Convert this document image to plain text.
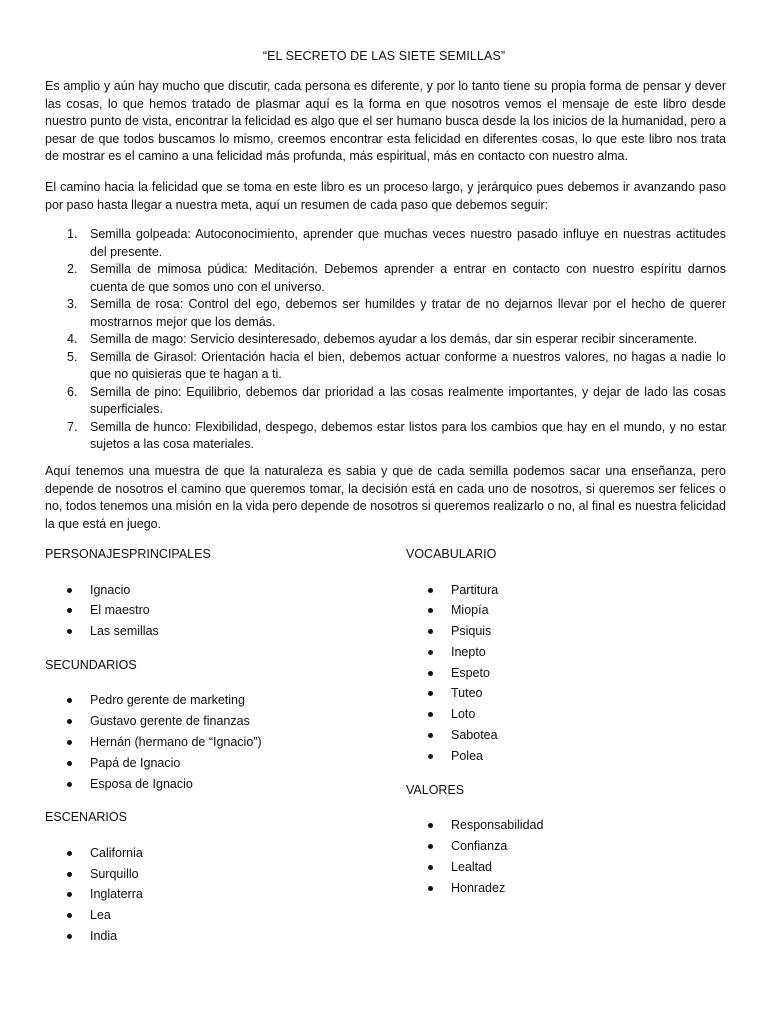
“EL SECRETO DE LAS SIETE SEMILLAS”

Es amplio y aún hay mucho que discutir, cada persona es diferente, y por lo tanto tiene su propia forma de pensar y dever las cosas, lo que hemos tratado de plasmar aquí es la forma en que nosotros vemos el mensaje de este libro desde nuestro punto de vista, encontrar la felicidad es algo que el ser humano busca desde la los inicios de la humanidad, pero a pesar de que todos buscamos lo mismo, creemos encontrar esta felicidad en diferentes cosas, lo que este libro nos trata de mostrar es el camino a una felicidad más profunda, más espiritual, más en contacto con nuestro alma.

El camino hacia la felicidad que se toma en este libro es un proceso largo, y jerárquico pues debemos ir avanzando paso por paso hasta llegar a nuestra meta, aquí un resumen de cada paso que debemos seguir:

1. Semilla golpeada: Autoconocimiento, aprender que muchas veces nuestro pasado influye en nuestras actitudes del presente.
2. Semilla de mimosa púdica: Meditación. Debemos aprender a entrar en contacto con nuestro espíritu darnos cuenta de que somos uno con el universo.
3. Semilla de rosa: Control del ego, debemos ser humildes y tratar de no dejarnos llevar por el hecho de querer mostrarnos mejor que los demás.
4. Semilla de mago: Servicio desinteresado, debemos ayudar a los demás, dar sin esperar recibir sinceramente.
5. Semilla de Girasol: Orientación hacia el bien, debemos actuar conforme a nuestros valores, no hagas a nadie lo que no quisieras que te hagan a ti.
6. Semilla de pino: Equilibrio, debemos dar prioridad a las cosas realmente importantes, y dejar de lado las cosas superficiales.
7. Semilla de hunco: Flexibilidad, despego, debemos estar listos para los cambios que hay en el mundo, y no estar sujetos a las cosa materiales.

Aquí tenemos una muestra de que la naturaleza es sabia y que de cada semilla podemos sacar una enseñanza, pero depende de nosotros el camino que queremos tomar, la decisión está en cada uno de nosotros, si queremos ser felices o no, todos tenemos una misión en la vida pero depende de nosotros si queremos realizarlo o no, al final es nuestra felicidad la que está en juego.

PERSONAJESPRINCIPALES
Ignacio
El maestro
Las semillas
SECUNDARIOS
Pedro gerente de marketing
Gustavo gerente de finanzas
Hernán (hermano de “Ignacio”)
Papá de Ignacio
Esposa de Ignacio
ESCENARIOS
California
Surquillo
Inglaterra
Lea
India
VOCABULARIO
Partitura
Miopía
Psiquis
Inepto
Espeto
Tuteo
Loto
Sabotea
Polea
VALORES
Responsabilidad
Confianza
Lealtad
Honradez
